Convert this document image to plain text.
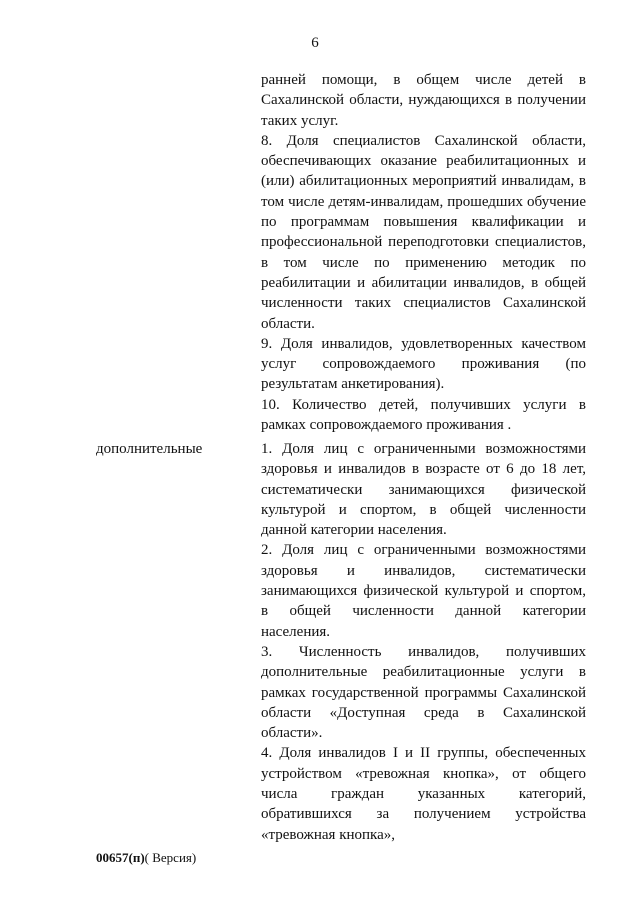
6

ранней помощи, в общем числе детей в Сахалинской области, нуждающихся в получении таких услуг.

8. Доля специалистов Сахалинской области, обеспечивающих оказание реабилитационных и (или) абилитационных мероприятий инвалидам, в том числе детям-инвалидам, прошедших обучение по программам повышения квалификации и профессиональной переподготовки специалистов, в том числе по применению методик по реабилитации и абилитации инвалидов, в общей численности таких специалистов Сахалинской области.

9. Доля инвалидов, удовлетворенных качеством услуг сопровождаемого проживания (по результатам анкетирования).

10. Количество детей, получивших услуги в рамках сопровождаемого проживания .

дополнительные	1. Доля лиц с ограниченными возможностями здоровья и инвалидов в возрасте от 6 до 18 лет, систематически занимающихся физической культурой и спортом, в общей численности данной категории населения.

2. Доля лиц с ограниченными возможностями здоровья и инвалидов, систематически занимающихся физической культурой и спортом, в общей численности данной категории населения.

3. Численность инвалидов, получивших дополнительные реабилитационные услуги в рамках государственной программы Сахалинской области «Доступная среда в Сахалинской области».

4. Доля инвалидов I и II группы, обеспеченных устройством «тревожная кнопка», от общего числа граждан указанных категорий, обратившихся за получением устройства «тревожная кнопка»,

00657(п)( Версия)
